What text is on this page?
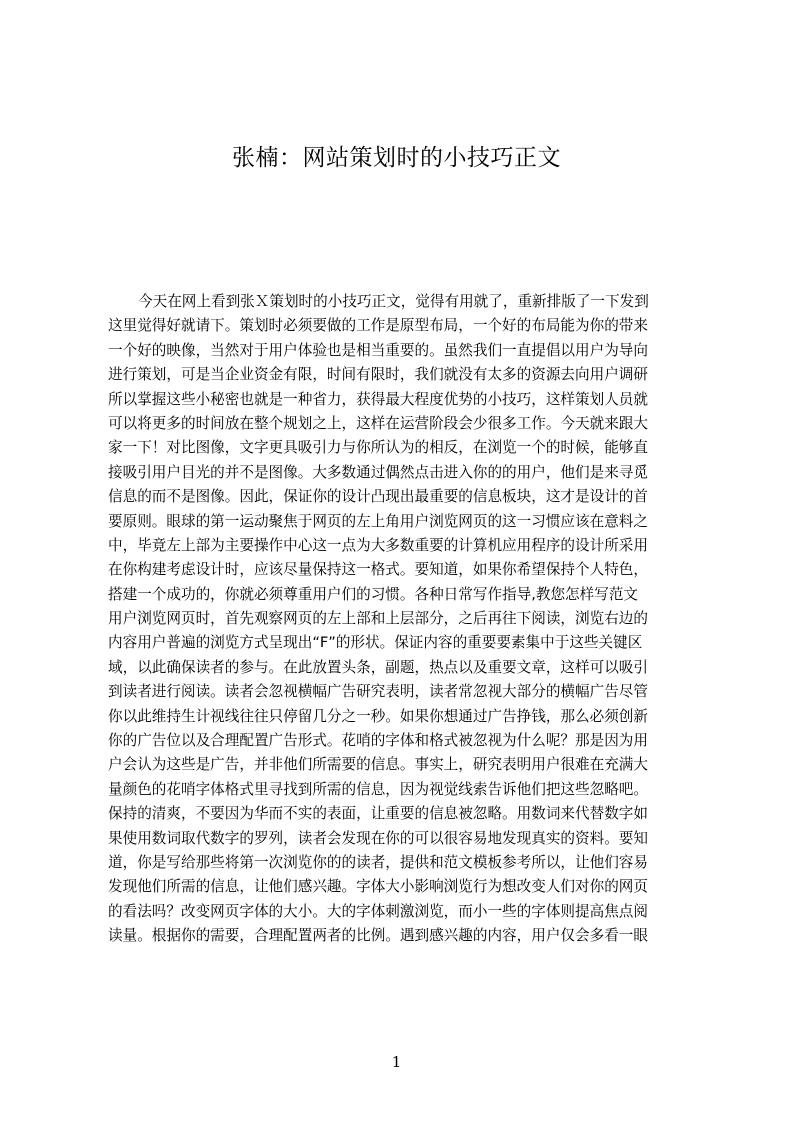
张楠：网站策划时的小技巧正文
今天在网上看到张Ｘ策划时的小技巧正文，觉得有用就了，重新排版了一下发到
这里觉得好就请下。策划时必须要做的工作是原型布局，一个好的布局能为你的带来
一个好的映像，当然对于用户体验也是相当重要的。虽然我们一直提倡以用户为导向
进行策划，可是当企业资金有限，时间有限时，我们就没有太多的资源去向用户调研
所以掌握这些小秘密也就是一种省力，获得最大程度优势的小技巧，这样策划人员就
可以将更多的时间放在整个规划之上，这样在运营阶段会少很多工作。今天就来跟大
家一下！对比图像，文字更具吸引力与你所认为的相反，在浏览一个的时候，能够直
接吸引用户目光的并不是图像。大多数通过偶然点击进入你的的用户，他们是来寻觅
信息的而不是图像。因此，保证你的设计凸现出最重要的信息板块，这才是设计的首
要原则。眼球的第一运动聚焦于网页的左上角用户浏览网页的这一习惯应该在意料之
中，毕竟左上部为主要操作中心这一点为大多数重要的计算机应用程序的设计所采用
在你构建考虑设计时，应该尽量保持这一格式。要知道，如果你希望保持个人特色，
搭建一个成功的，你就必须尊重用户们的习惯。各种日常写作指导,教您怎样写范文
用户浏览网页时，首先观察网页的左上部和上层部分，之后再往下阅读，浏览右边的
内容用户普遍的浏览方式呈现出“F”的形状。保证内容的重要要素集中于这些关键区
域，以此确保读者的参与。在此放置头条，副题，热点以及重要文章，这样可以吸引
到读者进行阅读。读者会忽视横幅广告研究表明，读者常忽视大部分的横幅广告尽管
你以此维持生计视线往往只停留几分之一秒。如果你想通过广告挣钱，那么必须创新
你的广告位以及合理配置广告形式。花哨的字体和格式被忽视为什么呢？那是因为用
户会认为这些是广告，并非他们所需要的信息。事实上，研究表明用户很难在充满大
量颜色的花哨字体格式里寻找到所需的信息，因为视觉线索告诉他们把这些忽略吧。
保持的清爽，不要因为华而不实的表面，让重要的信息被忽略。用数词来代替数字如
果使用数词取代数字的罗列，读者会发现在你的可以很容易地发现真实的资料。要知
道，你是写给那些将第一次浏览你的的读者，提供和范文模板参考所以，让他们容易
发现他们所需的信息，让他们感兴趣。字体大小影响浏览行为想改变人们对你的网页
的看法吗？改变网页字体的大小。大的字体刺激浏览，而小一些的字体则提高焦点阅
读量。根据你的需要，合理配置两者的比例。遇到感兴趣的内容，用户仅会多看一眼
1
